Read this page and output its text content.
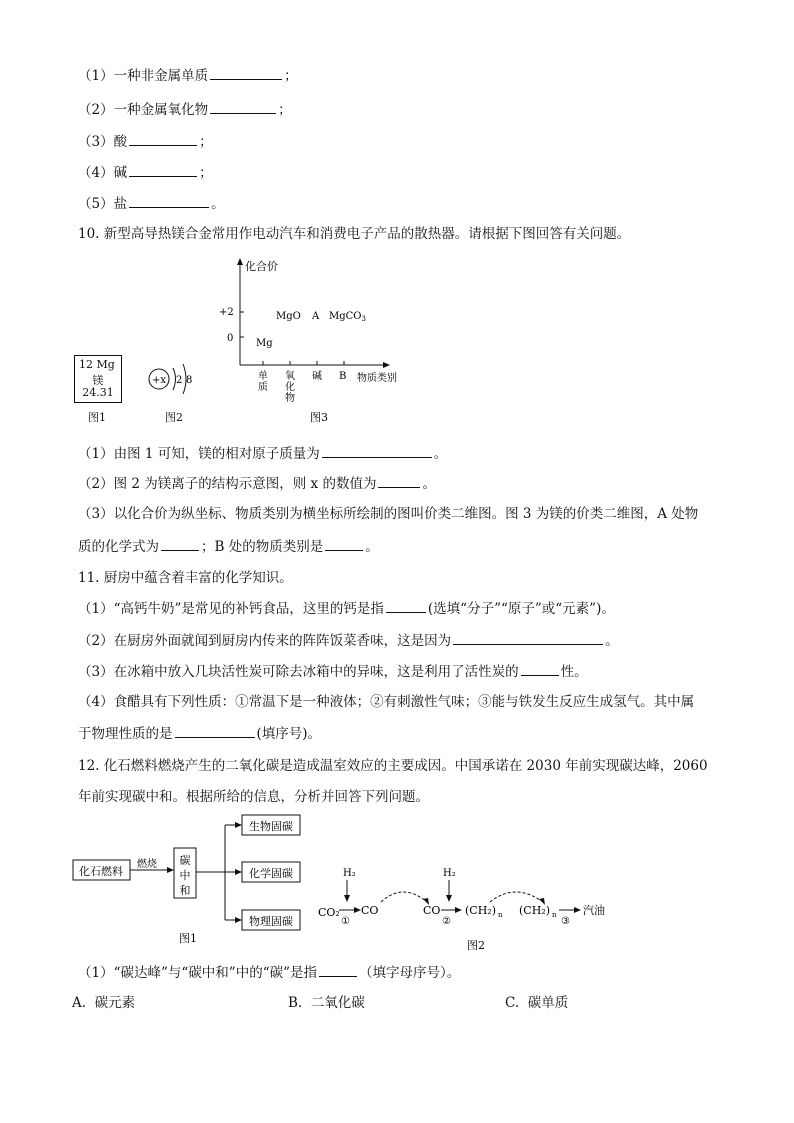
（1）一种非金属单质	；
（2）一种金属氧化物	；
（3）酸	；
（4）碱	；
（5）盐	。
10. 新型高导热镁合金常用作电动汽车和消费电子产品的散热器。请根据下图回答有关问题。
12 Mg
镁
24.31
图1
+x 2 8
图2
化合价
+2
0
MgO A MgCO$_3$
Mg
单
质
氧
化
物
碱 B 物质类别
图3
（1）由图 1 可知，镁的相对原子质量为	。
（2）图 2 为镁离子的结构示意图，则 x 的数值为	。
（3）以化合价为纵坐标、物质类别为横坐标所绘制的图叫价类二维图。图 3 为镁的价类二维图，A 处物
质的化学式为	；B 处的物质类别是	。
11. 厨房中蕴含着丰富的化学知识。
（1）“高钙牛奶”是常见的补钙食品，这里的钙是指	(选填“分子”“原子”或“元素”)。
（2）在厨房外面就闻到厨房内传来的阵阵饭菜香味，这是因为	。
（3）在冰箱中放入几块活性炭可除去冰箱中的异味，这是利用了活性炭的	性。
（4）食醋具有下列性质：①常温下是一种液体；②有刺激性气味；③能与铁发生反应生成氢气。其中属
于物理性质的是	(填序号)。
12. 化石燃料燃烧产生的二氧化碳是造成温室效应的主要成因。中国承诺在 2030 年前实现碳达峰，2060
年前实现碳中和。根据所给的信息，分析并回答下列问题。
化石燃料
燃烧 碳
中
和
生物固碳
化学固碳
物理固碳
图1
H₂
CO₂
①
CO	CO
H₂
②
(CH₂) n (CH₂) n
③
汽油
图2
（1）“碳达峰”与“碳中和”中的“碳”是指	（填字母序号）。
A. 碳元素	B. 二氧化碳	C. 碳单质
